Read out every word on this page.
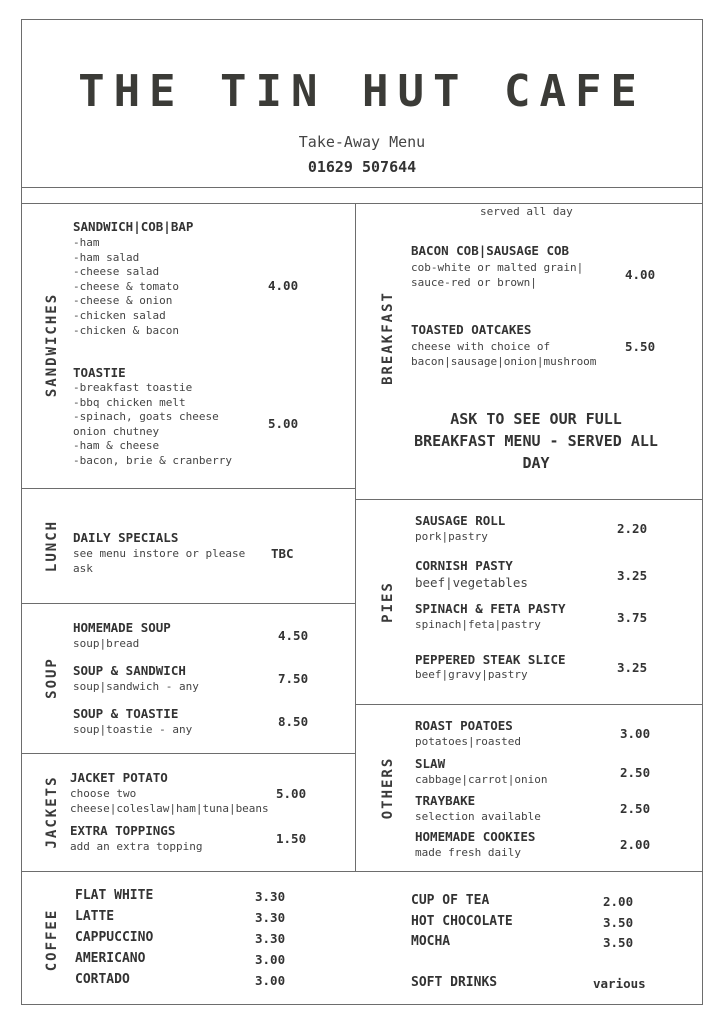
THE TIN HUT CAFE
Take-Away Menu
01629 507644
SANDWICHES
SANDWICH|COB|BAP
-ham
-ham salad
-cheese salad
-cheese & tomato
-cheese & onion
-chicken salad
-chicken & bacon
4.00
TOASTIE
-breakfast toastie
-bbq chicken melt
-spinach, goats cheese
onion chutney
-ham & cheese
-bacon, brie & cranberry
5.00
LUNCH DAILY SPECIALS
see menu instore or please
ask
TBC
SOUP
HOMEMADE SOUP
soup|bread
4.50
SOUP & SANDWICH
soup|sandwich - any
7.50
SOUP & TOASTIE
soup|toastie - any
8.50
JACKETS JACKET POTATO
choose two
cheese|coleslaw|ham|tuna|beans
5.00
EXTRA TOPPINGS
add an extra topping
1.50
served all day
BREAKFAST
BACON COB|SAUSAGE COB
cob-white or malted grain|
sauce-red or brown|
4.00
TOASTED OATCAKES
cheese with choice of
bacon|sausage|onion|mushroom
5.50
ASK TO SEE OUR FULL
BREAKFAST MENU - SERVED ALL
DAY
PIES
SAUSAGE ROLL
pork|pastry
2.20
CORNISH PASTY
beef|vegetables	3.25
SPINACH & FETA PASTY
spinach|feta|pastry	3.75
PEPPERED STEAK SLICE
beef|gravy|pastry	3.25
OTHERS
ROAST POATOES
potatoes|roasted
3.00
SLAW
cabbage|carrot|onion	2.50
TRAYBAKE
selection available
2.50
HOMEMADE COOKIES
made fresh daily
2.00
COFFEE
FLAT WHITE	3.30
LATTE	3.30
CAPPUCCINO	3.30
AMERICANO	3.00
CORTADO	3.00
CUP OF TEA	2.00
HOT CHOCOLATE	3.50
MOCHA	3.50
SOFT DRINKS	various
